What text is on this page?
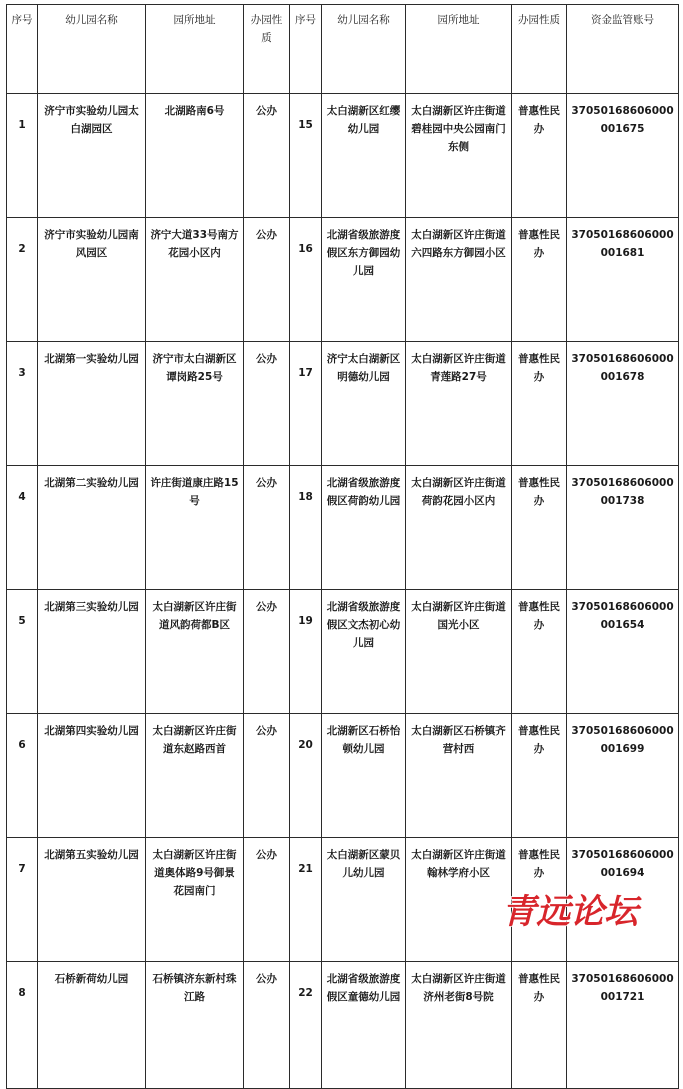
序号	幼儿园名称	园所地址	办园性质	序号	幼儿园名称	园所地址	办园性质	资金监管账号
1	济宁市实验幼儿园太白湖园区	北湖路南6号	公办	15	太白湖新区红缨幼儿园	太白湖新区许庄街道碧桂园中央公园南门东侧	普惠性民办	37050168606000001675
2	济宁市实验幼儿园南风园区	济宁大道33号南方花园小区内	公办	16	北湖省级旅游度假区东方御园幼儿园	太白湖新区许庄街道六四路东方御园小区	普惠性民办	37050168606000001681
3	北湖第一实验幼儿园	济宁市太白湖新区谭岗路25号	公办	17	济宁太白湖新区明德幼儿园	太白湖新区许庄街道青莲路27号	普惠性民办	37050168606000001678
4	北湖第二实验幼儿园	许庄街道康庄路15号	公办	18	北湖省级旅游度假区荷韵幼儿园	太白湖新区许庄街道荷韵花园小区内	普惠性民办	37050168606000001738
5	北湖第三实验幼儿园	太白湖新区许庄街道风韵荷都B区	公办	19	北湖省级旅游度假区文杰初心幼儿园	太白湖新区许庄街道国光小区	普惠性民办	37050168606000001654
6	北湖第四实验幼儿园	太白湖新区许庄街道东赵路西首	公办	20	北湖新区石桥怡顿幼儿园	太白湖新区石桥镇齐营村西	普惠性民办	37050168606000001699
7	北湖第五实验幼儿园	太白湖新区许庄街道奥体路9号御景花园南门	公办	21	太白湖新区蒙贝儿幼儿园	太白湖新区许庄街道翰林学府小区	普惠性民办	37050168606000001694
8	石桥新荷幼儿园	石桥镇济东新村珠江路	公办	22	北湖省级旅游度假区童德幼儿园	太白湖新区许庄街道济州老街8号院	普惠性民办	37050168606000001721
青远论坛
